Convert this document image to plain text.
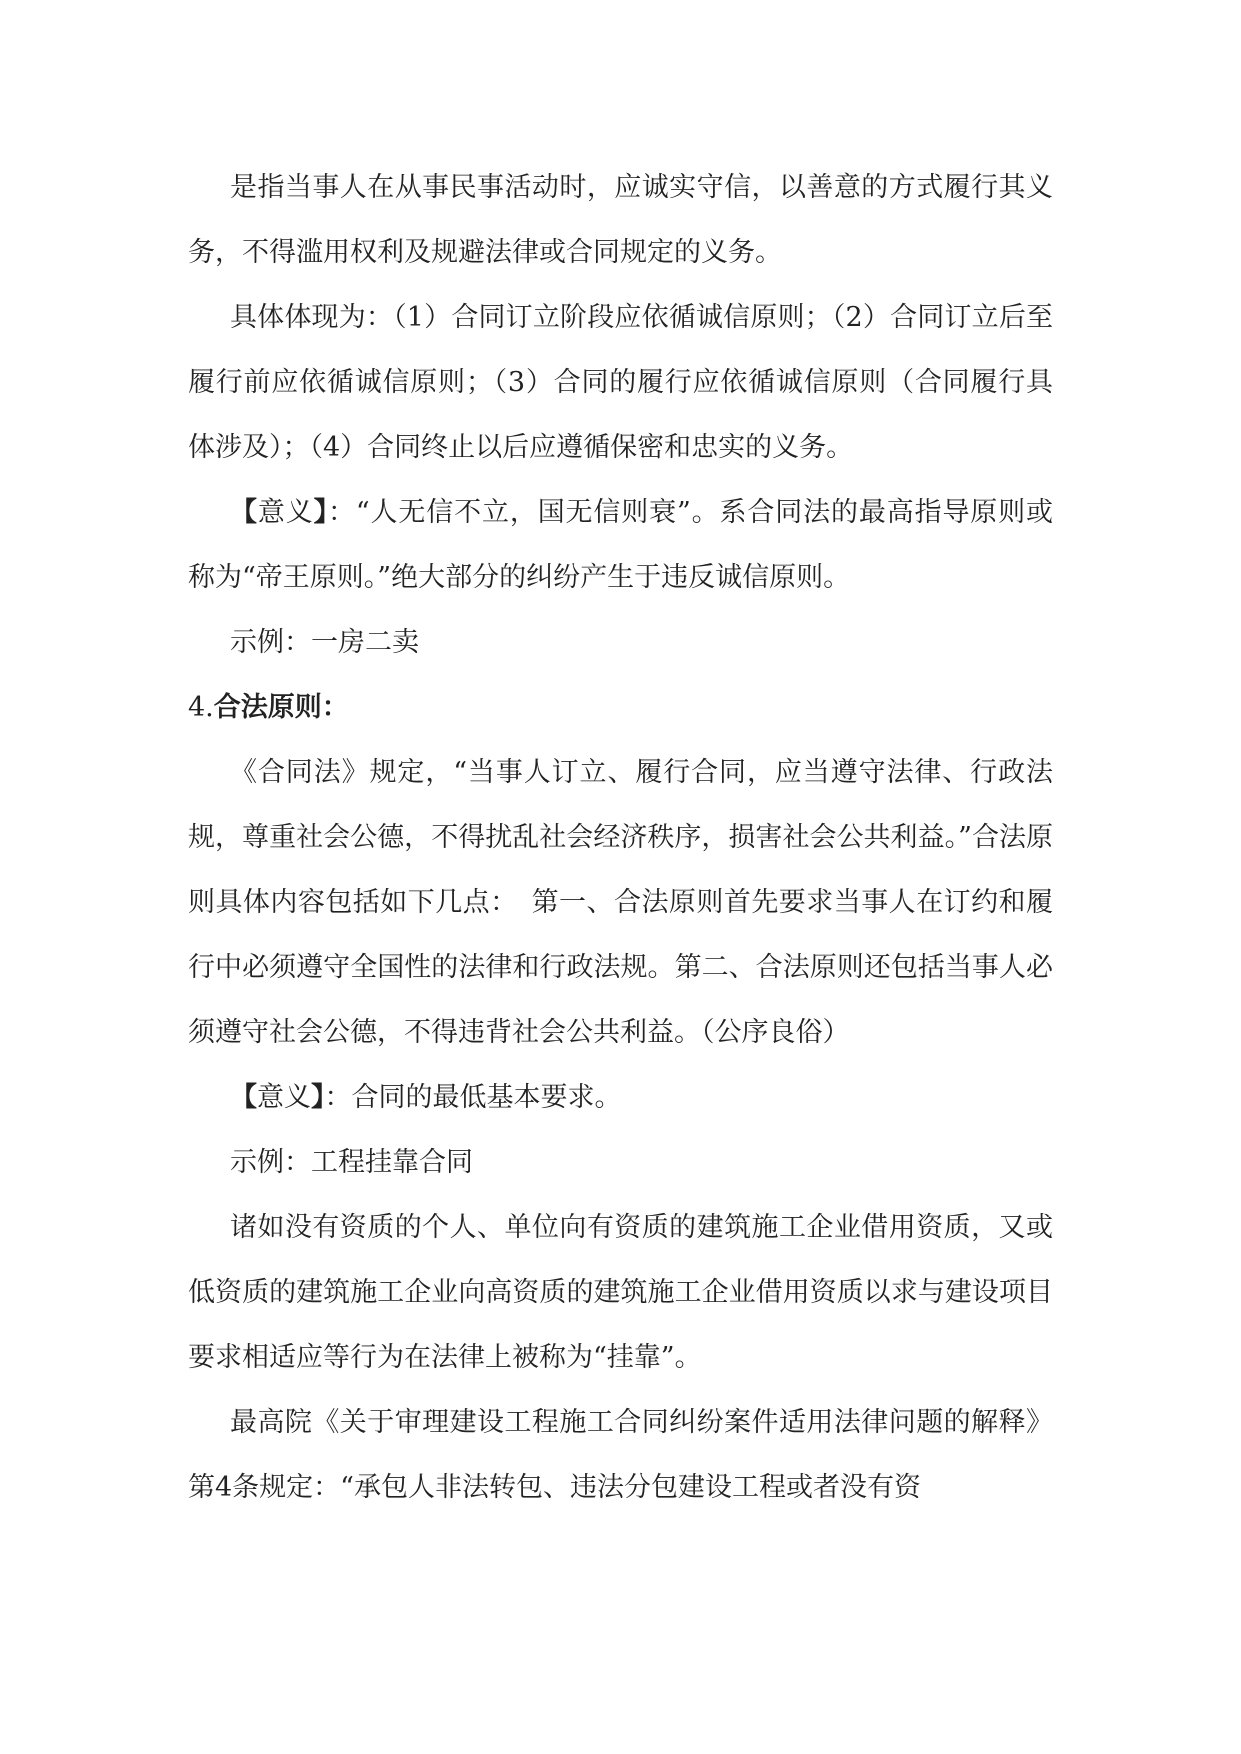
是指当事人在从事民事活动时，应诚实守信，以善意的方式履行其义务，不得滥用权利及规避法律或合同规定的义务。

具体体现为：（1）合同订立阶段应依循诚信原则；（2）合同订立后至履行前应依循诚信原则；（3）合同的履行应依循诚信原则（合同履行具体涉及）；（4）合同终止以后应遵循保密和忠实的义务。

【意义】：“人无信不立，国无信则衰”。系合同法的最高指导原则或称为“帝王原则。”绝大部分的纠纷产生于违反诚信原则。

示例：一房二卖

4.合法原则：

《合同法》规定，“当事人订立、履行合同，应当遵守法律、行政法规，尊重社会公德，不得扰乱社会经济秩序，损害社会公共利益。”合法原则具体内容包括如下几点：　第一、合法原则首先要求当事人在订约和履行中必须遵守全国性的法律和行政法规。第二、合法原则还包括当事人必须遵守社会公德，不得违背社会公共利益。（公序良俗）

【意义】：合同的最低基本要求。

示例：工程挂靠合同

诸如没有资质的个人、单位向有资质的建筑施工企业借用资质，又或低资质的建筑施工企业向高资质的建筑施工企业借用资质以求与建设项目要求相适应等行为在法律上被称为“挂靠”。

最高院《关于审理建设工程施工合同纠纷案件适用法律问题的解释》第4条规定：“承包人非法转包、违法分包建设工程或者没有资
